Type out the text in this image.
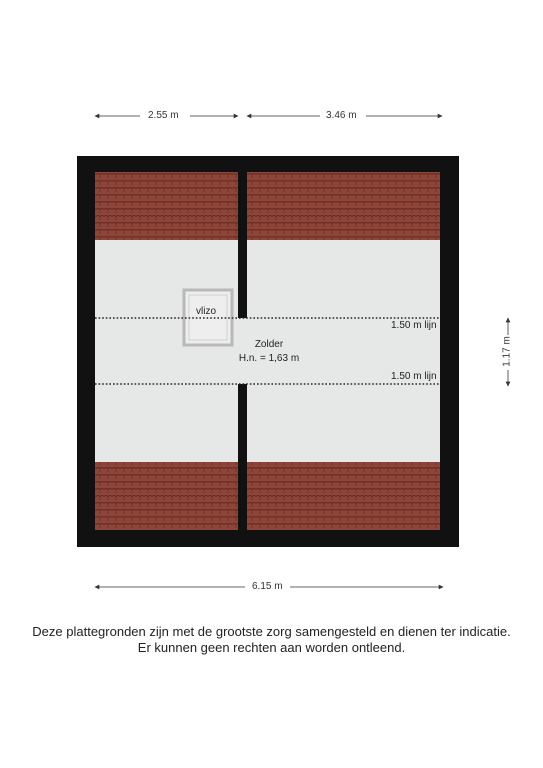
2.55 m	3.46 m
6.15 m
1.17 m
vlizo
Zolder
H.n. = 1,63 m
1.50 m lijn
1.50 m lijn
Deze plattegronden zijn met de grootste zorg samengesteld en dienen ter indicatie.
Er kunnen geen rechten aan worden ontleend.
